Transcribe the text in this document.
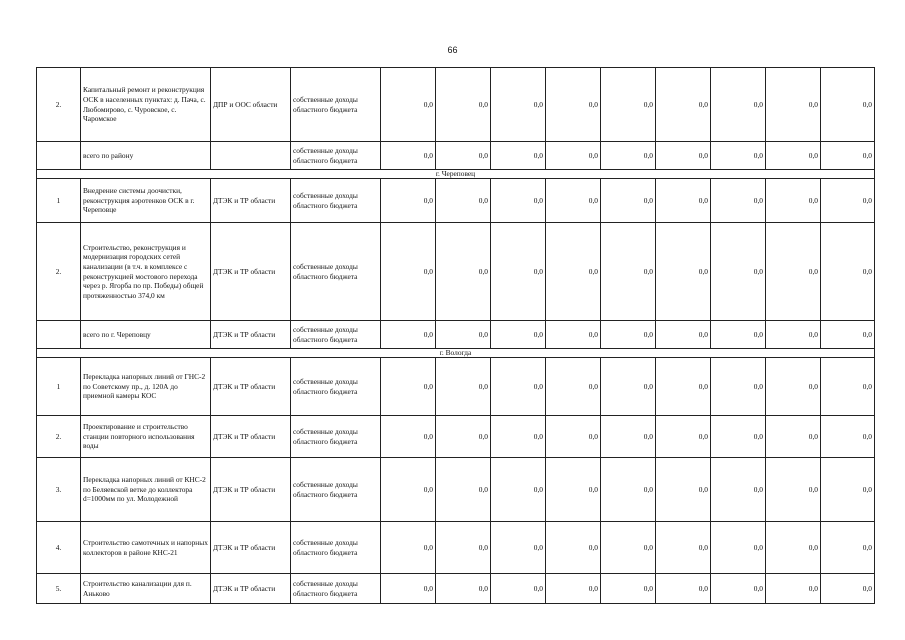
66
2.	Капитальный ремонт и реконструкция ОСК в населенных пунктах: д. Пача, с. Любомирово, с. Чуровское, с. Чаромское	ДПР и ООС области	собственные доходы областного бюджета	0,0	0,0	0,0	0,0	0,0	0,0	0,0	0,0	0,0
	всего по району		собственные доходы областного бюджета	0,0	0,0	0,0	0,0	0,0	0,0	0,0	0,0	0,0
г. Череповец												
1	Внедрение системы доочистки, реконструкция аэротенков ОСК в г. Череповце	ДТЭК и ТР области	собственные доходы областного бюджета	0,0	0,0	0,0	0,0	0,0	0,0	0,0	0,0	0,0
2.	Строительство, реконструкция и модернизация городских сетей канализации (в т.ч. в комплексе с реконструкцией мостового перехода через р. Ягорба по пр. Победы) общей протяженностью 374,0 км	ДТЭК и ТР области	собственные доходы областного бюджета	0,0	0,0	0,0	0,0	0,0	0,0	0,0	0,0	0,0
	всего по г. Череповцу	ДТЭК и ТР области	собственные доходы областного бюджета	0,0	0,0	0,0	0,0	0,0	0,0	0,0	0,0	0,0
г. Вологда												
1	Перекладка напорных линий от ГНС-2 по Советскому пр., д. 120А до приемной камеры КОС	ДТЭК и ТР области	собственные доходы областного бюджета	0,0	0,0	0,0	0,0	0,0	0,0	0,0	0,0	0,0
2.	Проектирование и строительство станции повторного использования воды	ДТЭК и ТР области	собственные доходы областного бюджета	0,0	0,0	0,0	0,0	0,0	0,0	0,0	0,0	0,0
3.	Перекладка напорных линий от КНС-2 по Беляевской ветке до коллектора d=1000мм по ул. Молодежной	ДТЭК и ТР области	собственные доходы областного бюджета	0,0	0,0	0,0	0,0	0,0	0,0	0,0	0,0	0,0
4.	Строительство самотечных и напорных коллекторов в районе КНС-21	ДТЭК и ТР области	собственные доходы областного бюджета	0,0	0,0	0,0	0,0	0,0	0,0	0,0	0,0	0,0
5.	Строительство канализации для п. Аньково	ДТЭК и ТР области	собственные доходы областного бюджета	0,0	0,0	0,0	0,0	0,0	0,0	0,0	0,0	0,0
